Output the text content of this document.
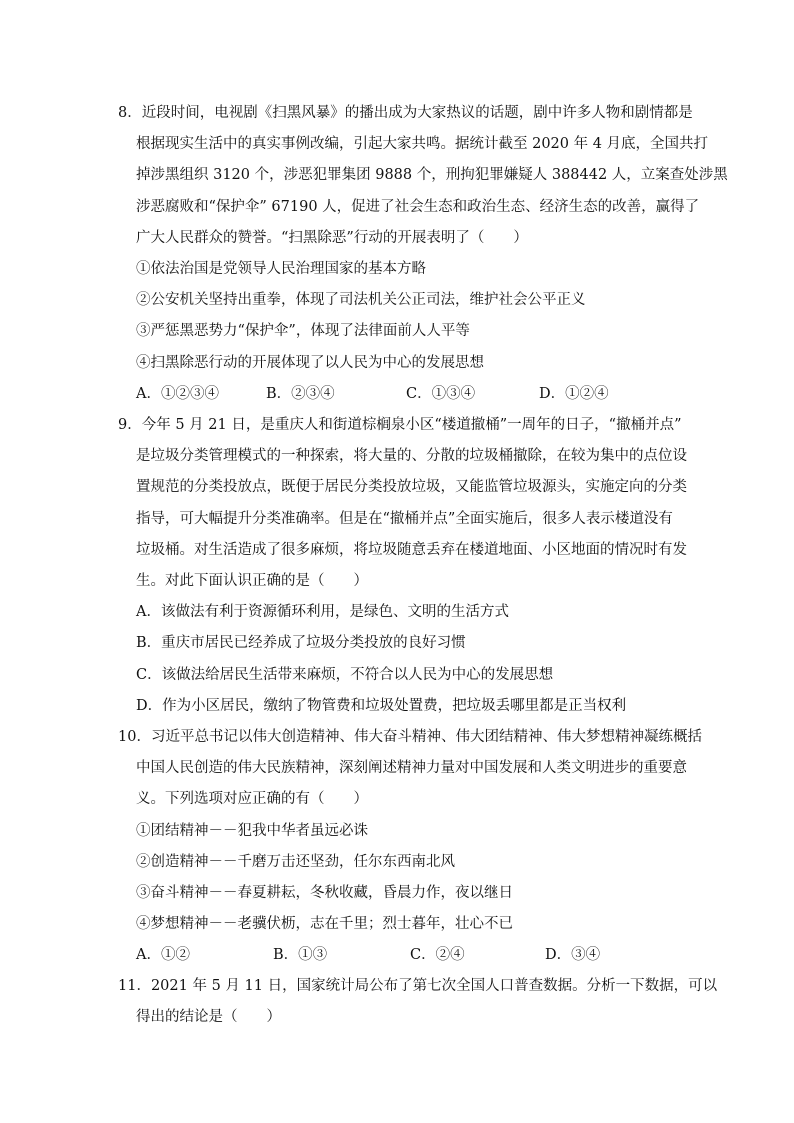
8．近段时间，电视剧《扫黑风暴》的播出成为大家热议的话题，剧中许多人物和剧情都是
根据现实生活中的真实事例改编，引起大家共鸣。据统计截至 2020 年 4 月底，全国共打
掉涉黑组织 3120 个，涉恶犯罪集团 9888 个，刑拘犯罪嫌疑人 388442 人，立案查处涉黑
涉恶腐败和“保护伞” 67190 人，促进了社会生态和政治生态、经济生态的改善，赢得了
广大人民群众的赞誉。“扫黑除恶”行动的开展表明了（　　）
①依法治国是党领导人民治理国家的基本方略
②公安机关坚持出重拳，体现了司法机关公正司法，维护社会公平正义
③严惩黑恶势力“保护伞”，体现了法律面前人人平等
④扫黑除恶行动的开展体现了以人民为中心的发展思想
A．①②③④	B．②③④	C．①③④	D．①②④
9．今年 5 月 21 日，是重庆人和街道棕榈泉小区“楼道撤桶”一周年的日子，“撤桶并点”
是垃圾分类管理模式的一种探索，将大量的、分散的垃圾桶撤除，在较为集中的点位设
置规范的分类投放点，既便于居民分类投放垃圾，又能监管垃圾源头，实施定向的分类
指导，可大幅提升分类准确率。但是在“撤桶并点”全面实施后，很多人表示楼道没有
垃圾桶。对生活造成了很多麻烦，将垃圾随意丢弃在楼道地面、小区地面的情况时有发
生。对此下面认识正确的是（　　）
A．该做法有利于资源循环利用，是绿色、文明的生活方式
B．重庆市居民已经养成了垃圾分类投放的良好习惯
C．该做法给居民生活带来麻烦，不符合以人民为中心的发展思想
D．作为小区居民，缴纳了物管费和垃圾处置费，把垃圾丢哪里都是正当权利
10．习近平总书记以伟大创造精神、伟大奋斗精神、伟大团结精神、伟大梦想精神凝练概括
中国人民创造的伟大民族精神，深刻阐述精神力量对中国发展和人类文明进步的重要意
义。下列选项对应正确的有（　　）
①团结精神－－犯我中华者虽远必诛
②创造精神－－千磨万击还坚劲，任尔东西南北风
③奋斗精神－－春夏耕耘，冬秋收藏，昏晨力作，夜以继日
④梦想精神－－老骥伏枥，志在千里；烈士暮年，壮心不已
A．①②	B．①③	C．②④	D．③④
11．2021 年 5 月 11 日，国家统计局公布了第七次全国人口普查数据。分析一下数据，可以
得出的结论是（　　）
